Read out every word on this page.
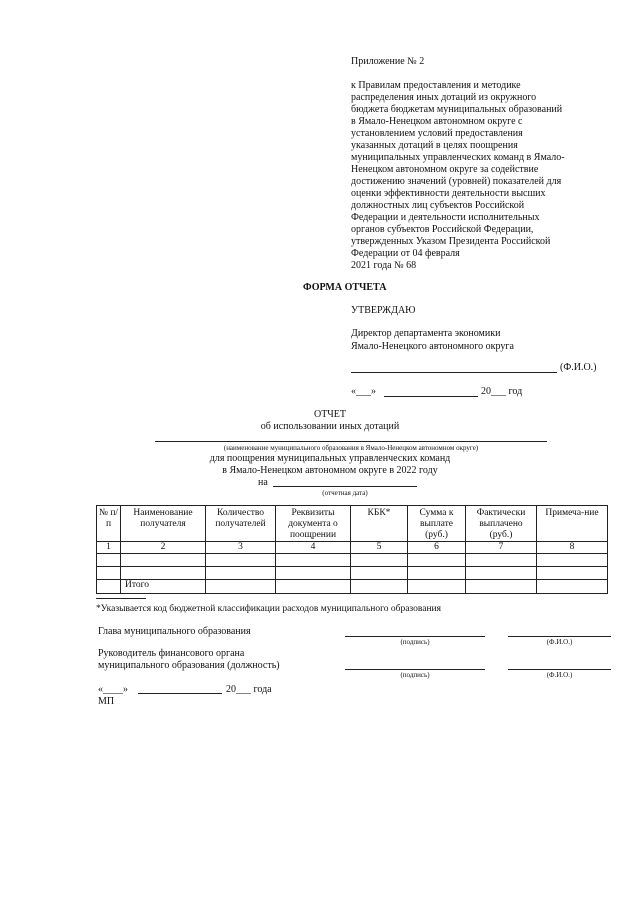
Приложение № 2
к Правилам предоставления и методике
распределения иных дотаций из окружного
бюджета бюджетам муниципальных образований
в Ямало-Ненецком автономном округе с
установлением условий предоставления
указанных дотаций в целях поощрения
муниципальных управленческих команд в Ямало-
Ненецком автономном округе за содействие
достижению значений (уровней) показателей для
оценки эффективности деятельности высших
должностных лиц субъектов Российской
Федерации и деятельности исполнительных
органов субъектов Российской Федерации,
утвержденных Указом Президента Российской
Федерации от 04 февраля
2021 года № 68
ФОРМА ОТЧЕТА
УТВЕРЖДАЮ
Директор департамента экономики
Ямало-Ненецкого автономного округа
(Ф.И.О.)
«___»	20___ год
ОТЧЕТ
об использовании иных дотаций
(наименование муниципального образования в Ямало-Ненецком автономном округе)
для поощрения муниципальных управленческих команд
в Ямало-Ненецком автономном округе в 2022 году
на
(отчетная дата)
№ п/п	Наименование получателя	Количество получателей	Реквизиты документа о поощрении	КБК*	Сумма к выплате (руб.)	Фактически выплачено (руб.)	Примеча-ние
1	2	3	4	5	6	7	8

	Итого						
*Указывается код бюджетной классификации расходов муниципального образования
Глава муниципального образования
(подпись)	(Ф.И.О.)
Руководитель финансового органа
муниципального образования (должность)
(подпись)	(Ф.И.О.)
«____»	20___ года
МП
